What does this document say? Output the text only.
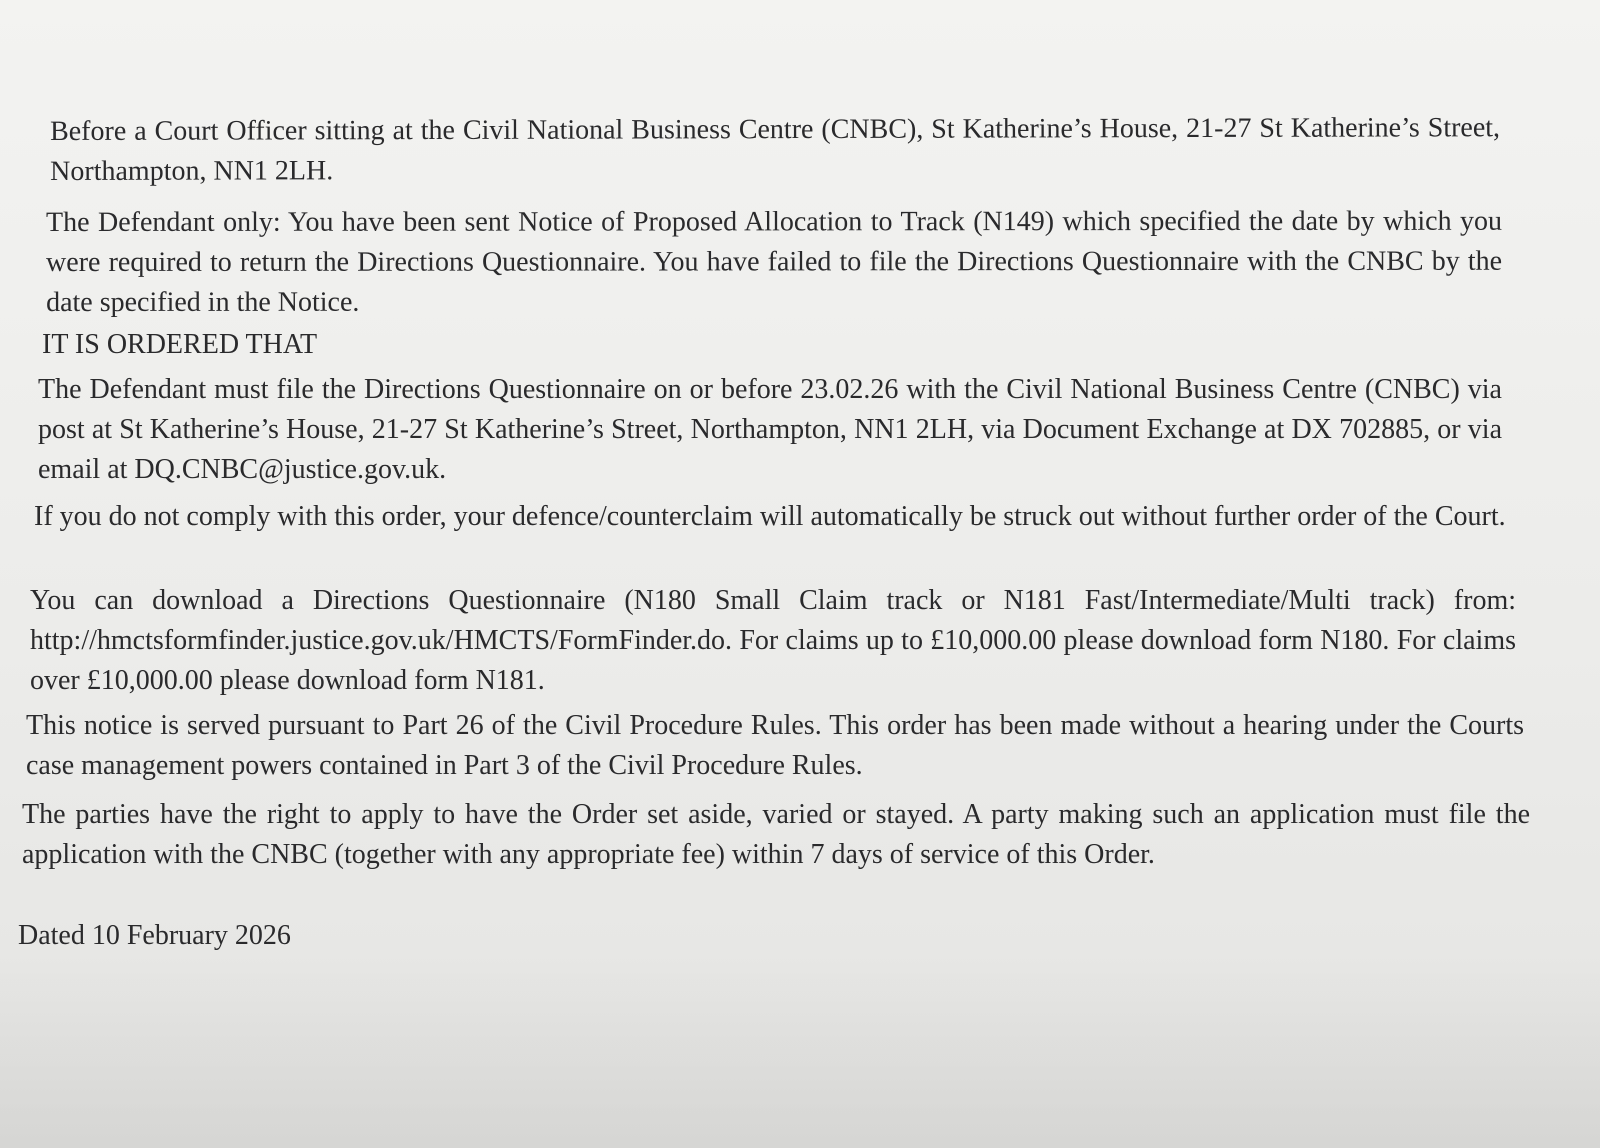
Before a Court Officer sitting at the Civil National Business Centre (CNBC), St Katherine’s House, 21-27 St Katherine’s Street, Northampton, NN1 2LH.

The Defendant only: You have been sent Notice of Proposed Allocation to Track (N149) which specified the date by which you were required to return the Directions Questionnaire. You have failed to file the Directions Questionnaire with the CNBC by the date specified in the Notice.

IT IS ORDERED THAT

The Defendant must file the Directions Questionnaire on or before 23.02.26 with the Civil National Business Centre (CNBC) via post at St Katherine’s House, 21-27 St Katherine’s Street, Northampton, NN1 2LH, via Document Exchange at DX 702885, or via email at DQ.CNBC@justice.gov.uk.

If you do not comply with this order, your defence/counterclaim will automatically be struck out without further order of the Court.

You can download a Directions Questionnaire (N180 Small Claim track or N181 Fast/Intermediate/Multi track) from: http://hmctsformfinder.justice.gov.uk/HMCTS/FormFinder.do. For claims up to £10,000.00 please download form N180. For claims over £10,000.00 please download form N181.

This notice is served pursuant to Part 26 of the Civil Procedure Rules. This order has been made without a hearing under the Courts case management powers contained in Part 3 of the Civil Procedure Rules.

The parties have the right to apply to have the Order set aside, varied or stayed. A party making such an application must file the application with the CNBC (together with any appropriate fee) within 7 days of service of this Order.

Dated 10 February 2026
